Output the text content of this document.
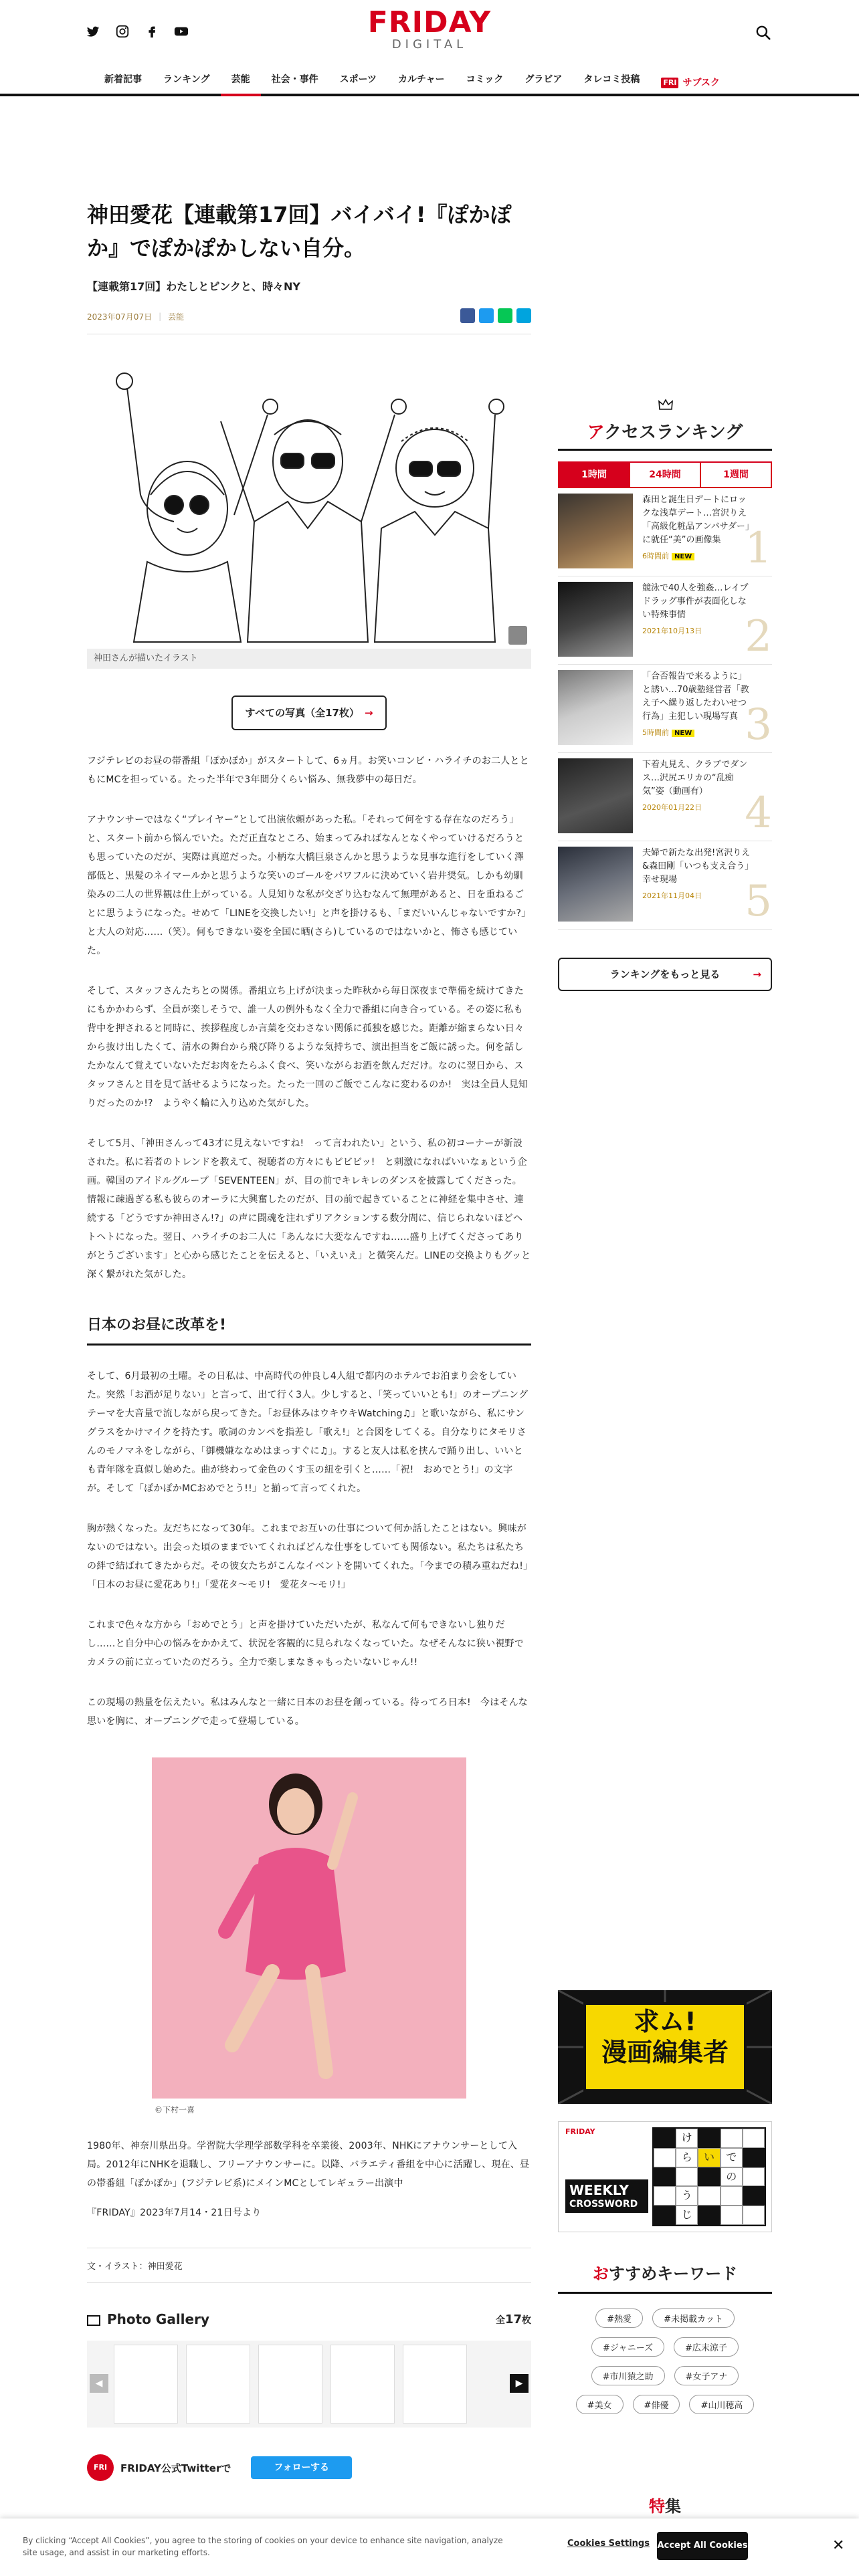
FRIDAY
DIGITAL
新着記事	ランキング	芸能	社会・事件	スポーツ	カルチャー	コミック	グラビア	タレコミ投稿	FRI サブスク
神田愛花【連載第17回】バイバイ!『ぽかぽか』でぽかぽかしない自分。
【連載第17回】わたしとピンクと、時々NY
2023年07月07日 | 芸能
神田さんが描いたイラスト
すべての写真（全17枚） →

フジテレビのお昼の帯番組「ぽかぽか」がスタートして、6ヵ月。お笑いコンビ・ハライチのお二人とともにMCを担っている。たった半年で3年間分くらい悩み、無我夢中の毎日だ。

アナウンサーではなく“プレイヤー”として出演依頼があった私。「それって何をする存在なのだろう」と、スタート前から悩んでいた。ただ正直なところ、始まってみればなんとなくやっていけるだろうとも思っていたのだが、実際は真逆だった。小柄な大橋巨泉さんかと思うような見事な進行をしていく澤部低と、黒髪のネイマールかと思うような笑いのゴールをパワフルに決めていく岩井奨気。しかも幼馴染みの二人の世界観は仕上がっている。人見知りな私が交ざり込むなんて無理があると、日を重ねるごとに思うようになった。せめて「LINEを交換したい!」と声を掛けるも、「まだいいんじゃないですか?」と大人の対応……（笑）。何もできない姿を全国に晒(さら)しているのではないかと、怖さも感じていた。

そして、スタッフさんたちとの関係。番組立ち上げが決まった昨秋から毎日深夜まで準備を続けてきたにもかかわらず、全員が楽しそうで、誰一人の例外もなく全力で番組に向き合っている。その姿に私も背中を押されると同時に、挨拶程度しか言葉を交わさない関係に孤独を感じた。距離が縮まらない日々から抜け出したくて、清水の舞台から飛び降りるような気持ちで、演出担当をご飯に誘った。何を話したかなんて覚えていないただお肉をたらふく食べ、笑いながらお酒を飲んだだけ。なのに翌日から、スタッフさんと目を見て話せるようになった。たった一回のご飯でこんなに変わるのか!　実は全員人見知りだったのか!?　ようやく輪に入り込めた気がした。

そして5月、「神田さんって43才に見えないですね!　って言われたい」という、私の初コーナーが新設された。私に若者のトレンドを教えて、視聴者の方々にもビビビッ!　と刺激になればいいなぁという企画。韓国のアイドルグループ「SEVENTEEN」が、目の前でキレキレのダンスを披露してくださった。情報に疎過ぎる私も彼らのオーラに大興奮したのだが、目の前で起きていることに神経を集中させ、連続する「どうですか神田さん!?」の声に闘魂を注れずリアクションする数分間に、信じられないほどヘトヘトになった。翌日、ハライチのお二人に「あんなに大変なんですね……盛り上げてくださってありがとうございます」と心から感じたことを伝えると、「いえいえ」と微笑んだ。LINEの交換よりもグッと深く繋がれた気がした。

日本のお昼に改革を!

そして、6月最初の土曜。その日私は、中高時代の仲良し4人組で都内のホテルでお泊まり会をしていた。突然「お酒が足りない」と言って、出て行く3人。少しすると、「笑っていいとも!」のオープニングテーマを大音量で流しながら戻ってきた。「お昼休みはウキウキWatching♫」と歌いながら、私にサングラスをかけマイクを持たす。歌詞のカンペを指差し「歌え!」と合図をしてくる。自分なりにタモリさんのモノマネをしながら、「御機嫌ななめはまっすぐに♫」。すると友人は私を挟んで踊り出し、いいとも青年隊を真似し始めた。曲が終わって金色のくす玉の紐を引くと……「祝!　おめでとう!」の文字が。そして「ぽかぽかMCおめでとう!!」と揃って言ってくれた。

胸が熱くなった。友だちになって30年。これまでお互いの仕事について何か話したことはない。興味がないのではない。出会った頃のままでいてくれればどんな仕事をしていても関係ない。私たちは私たちの絆で結ばれてきたからだ。その彼女たちがこんなイベントを開いてくれた。「今までの積み重ねだね!」「日本のお昼に愛花あり!」「愛花タ〜モリ!　愛花タ〜モリ!」

これまで色々な方から「おめでとう」と声を掛けていただいたが、私なんて何もできないし独りだし……と自分中心の悩みをかかえて、状況を客観的に見られなくなっていた。なぜそんなに狭い視野でカメラの前に立っていたのだろう。全力で楽しまなきゃもったいないじゃん!!

この現場の熱量を伝えたい。私はみんなと一緒に日本のお昼を創っている。待ってろ日本!　今はそんな思いを胸に、オープニングで走って登場している。

©下村一喜

1980年、神奈川県出身。学習院大学理学部数学科を卒業後、2003年、NHKにアナウンサーとして入局。2012年にNHKを退職し、フリーアナウンサーに。以降、バラエティ番組を中心に活躍し、現在、昼の帯番組「ぽかぽか」(フジテレビ系)にメインMCとしてレギュラー出演中

『FRIDAY』2023年7月14・21日号より

文・イラスト：神田愛花
Photo Gallery	全17枚
◀	▶
FRI	FRIDAY公式Twitterで	フォローする
アクセスランキング
1時間	24時間	1週間
森田と誕生日デートにロックな浅草デート…宮沢りえ「高級化粧品アンバサダー」に就任“美”の画像集
6時間前 NEW	1
競泳で40人を強姦…レイプドラッグ事件が表面化しない特殊事情
2021年10月13日	2
「合否報告で来るように」と誘い…70歳塾経営者「教え子へ繰り返したわいせつ行為」主犯しい現場写真
5時間前 NEW	3
下着丸見え、クラブでダンス…沢尻エリカの“乱痴気”姿（動画有）
2020年01月22日	4
夫婦で新たな出発!宮沢りえ&森田剛「いつも支え合う」幸せ現場
2021年11月04日	5
ランキングをもっと見る	→
求ム!
漫画編集者
FRIDAY
WEEKLY
CROSSWORD
け
ら	い	で
の
う
じ
おすすめキーワード
#熱愛	#未掲載カット
#ジャニーズ	#広末涼子
#市川猿之助	#女子アナ
#美女	#俳優	#山川穂高
特集
By clicking “Accept All Cookies”, you agree to the storing of cookies on your device to enhance site navigation, analyze site usage, and assist in our marketing efforts.
Cookies Settings Accept All Cookies	✕
